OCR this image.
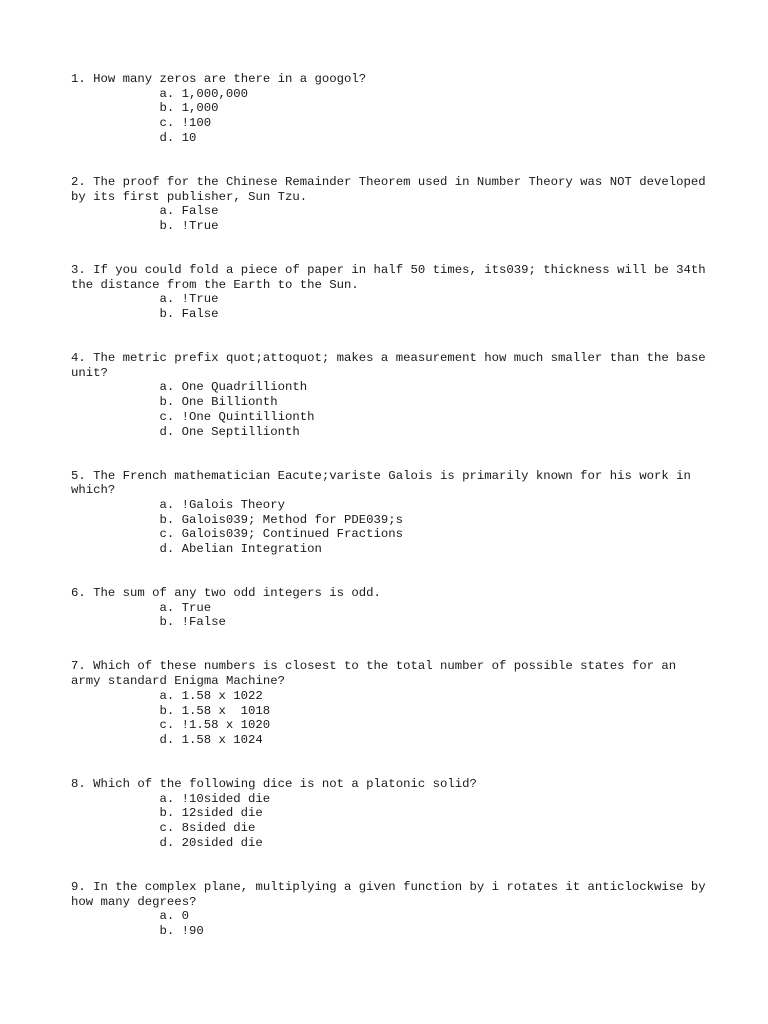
1. How many zeros are there in a googol?

a. 1,000,000
b. 1,000
c. !100
d. 10

2. The proof for the Chinese Remainder Theorem used in Number Theory was NOT developed by its first publisher, Sun Tzu.

a. False
b. !True

3. If you could fold a piece of paper in half 50 times, its039; thickness will be 34th the distance from the Earth to the Sun.

a. !True
b. False

4. The metric prefix quot;attoquot; makes a measurement how much smaller than the base unit?

a. One Quadrillionth
b. One Billionth
c. !One Quintillionth
d. One Septillionth

5. The French mathematician Eacute;variste Galois is primarily known for his work in which?

a. !Galois Theory
b. Galois039; Method for PDE039;s
c. Galois039; Continued Fractions
d. Abelian Integration

6. The sum of any two odd integers is odd.

a. True
b. !False

7. Which of these numbers is closest to the total number of possible states for an army standard Enigma Machine?

a. 1.58 x 1022
b. 1.58 x  1018
c. !1.58 x 1020
d. 1.58 x 1024

8. Which of the following dice is not a platonic solid?

a. !10sided die
b. 12sided die
c. 8sided die
d. 20sided die

9. In the complex plane, multiplying a given function by i rotates it anticlockwise by how many degrees?

a. 0
b. !90
